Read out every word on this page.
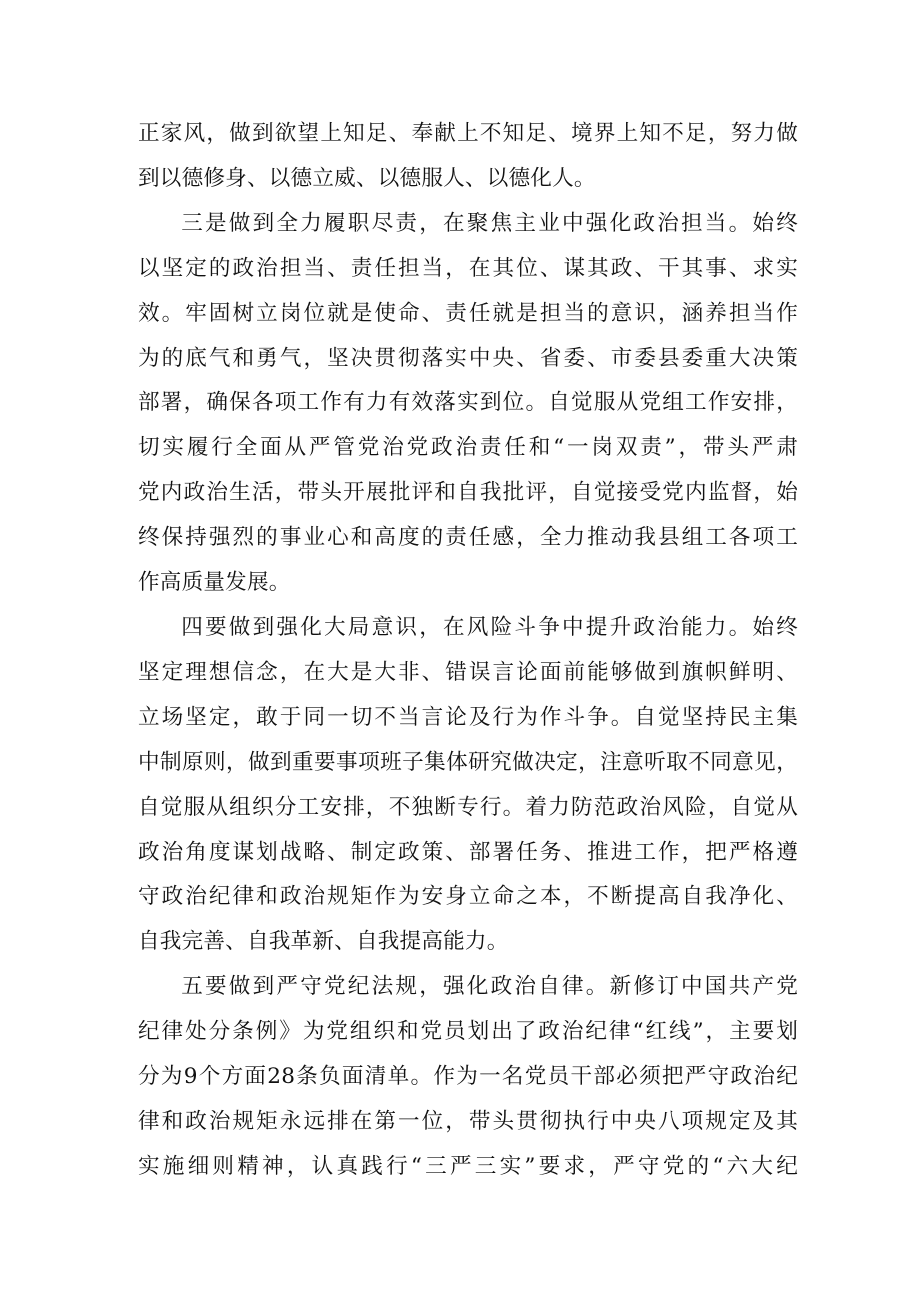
正家风，做到欲望上知足、奉献上不知足、境界上知不足，努力做
到以德修身、以德立威、以德服人、以德化人。
三是做到全力履职尽责，在聚焦主业中强化政治担当。始终
以坚定的政治担当、责任担当，在其位、谋其政、干其事、求实
效。牢固树立岗位就是使命、责任就是担当的意识，涵养担当作
为的底气和勇气，坚决贯彻落实中央、省委、市委县委重大决策
部署，确保各项工作有力有效落实到位。自觉服从党组工作安排，
切实履行全面从严管党治党政治责任和“一岗双责”，带头严肃
党内政治生活，带头开展批评和自我批评，自觉接受党内监督，始
终保持强烈的事业心和高度的责任感，全力推动我县组工各项工
作高质量发展。
四要做到强化大局意识，在风险斗争中提升政治能力。始终
坚定理想信念，在大是大非、错误言论面前能够做到旗帜鲜明、
立场坚定，敢于同一切不当言论及行为作斗争。自觉坚持民主集
中制原则，做到重要事项班子集体研究做决定，注意听取不同意见，
自觉服从组织分工安排，不独断专行。着力防范政治风险，自觉从
政治角度谋划战略、制定政策、部署任务、推进工作，把严格遵
守政治纪律和政治规矩作为安身立命之本，不断提高自我净化、
自我完善、自我革新、自我提高能力。
五要做到严守党纪法规，强化政治自律。新修订中国共产党
纪律处分条例》为党组织和党员划出了政治纪律“红线”，主要划
分为9个方面28条负面清单。作为一名党员干部必须把严守政治纪
律和政治规矩永远排在第一位，带头贯彻执行中央八项规定及其
实施细则精神，认真践行“三严三实”要求，严守党的“六大纪
